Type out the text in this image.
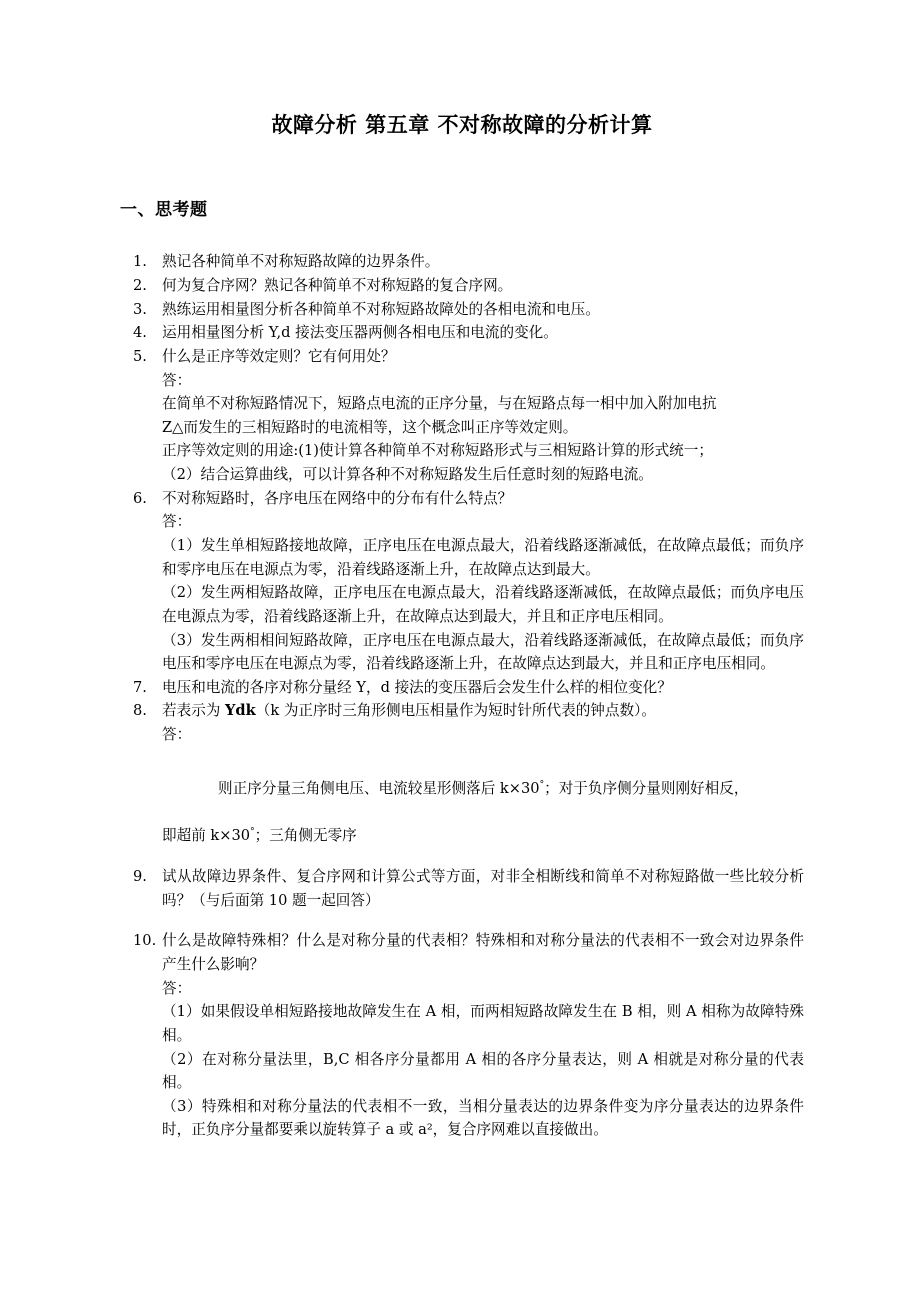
故障分析 第五章 不对称故障的分析计算
一、思考题
1.	熟记各种简单不对称短路故障的边界条件。
2.	何为复合序网？熟记各种简单不对称短路的复合序网。
3.	熟练运用相量图分析各种简单不对称短路故障处的各相电流和电压。
4.	运用相量图分析 Y,d 接法变压器两侧各相电压和电流的变化。
5.	什么是正序等效定则？它有何用处？
答：
在简单不对称短路情况下，短路点电流的正序分量，与在短路点每一相中加入附加电抗
Z△而发生的三相短路时的电流相等，这个概念叫正序等效定则。
正序等效定则的用途:(1)使计算各种简单不对称短路形式与三相短路计算的形式统一；
（2）结合运算曲线，可以计算各种不对称短路发生后任意时刻的短路电流。
6.	不对称短路时，各序电压在网络中的分布有什么特点？
答：
（1）发生单相短路接地故障，正序电压在电源点最大，沿着线路逐渐减低，在故障点最低；而负序和零序电压在电源点为零，沿着线路逐渐上升，在故障点达到最大。
（2）发生两相短路故障，正序电压在电源点最大，沿着线路逐渐减低，在故障点最低；而负序电压在电源点为零，沿着线路逐渐上升，在故障点达到最大，并且和正序电压相同。
（3）发生两相相间短路故障，正序电压在电源点最大，沿着线路逐渐减低，在故障点最低；而负序电压和零序电压在电源点为零，沿着线路逐渐上升，在故障点达到最大，并且和正序电压相同。
7.	电压和电流的各序对称分量经 Y，d 接法的变压器后会发生什么样的相位变化？
8.	若表示为 Ydk（k 为正序时三角形侧电压相量作为短时针所代表的钟点数）。
答：
则正序分量三角侧电压、电流较星形侧落后 k×30°；对于负序侧分量则刚好相反，
即超前 k×30°；三角侧无零序
9.	试从故障边界条件、复合序网和计算公式等方面，对非全相断线和简单不对称短路做一些比较分析吗？（与后面第 10 题一起回答）
10. 什么是故障特殊相？什么是对称分量的代表相？特殊相和对称分量法的代表相不一致会对边界条件产生什么影响？
答：
（1）如果假设单相短路接地故障发生在 A 相，而两相短路故障发生在 B 相，则 A 相称为故障特殊相。
（2）在对称分量法里，B,C 相各序分量都用 A 相的各序分量表达，则 A 相就是对称分量的代表相。
（3）特殊相和对称分量法的代表相不一致，当相分量表达的边界条件变为序分量表达的边界条件时，正负序分量都要乘以旋转算子 a 或 a²，复合序网难以直接做出。
